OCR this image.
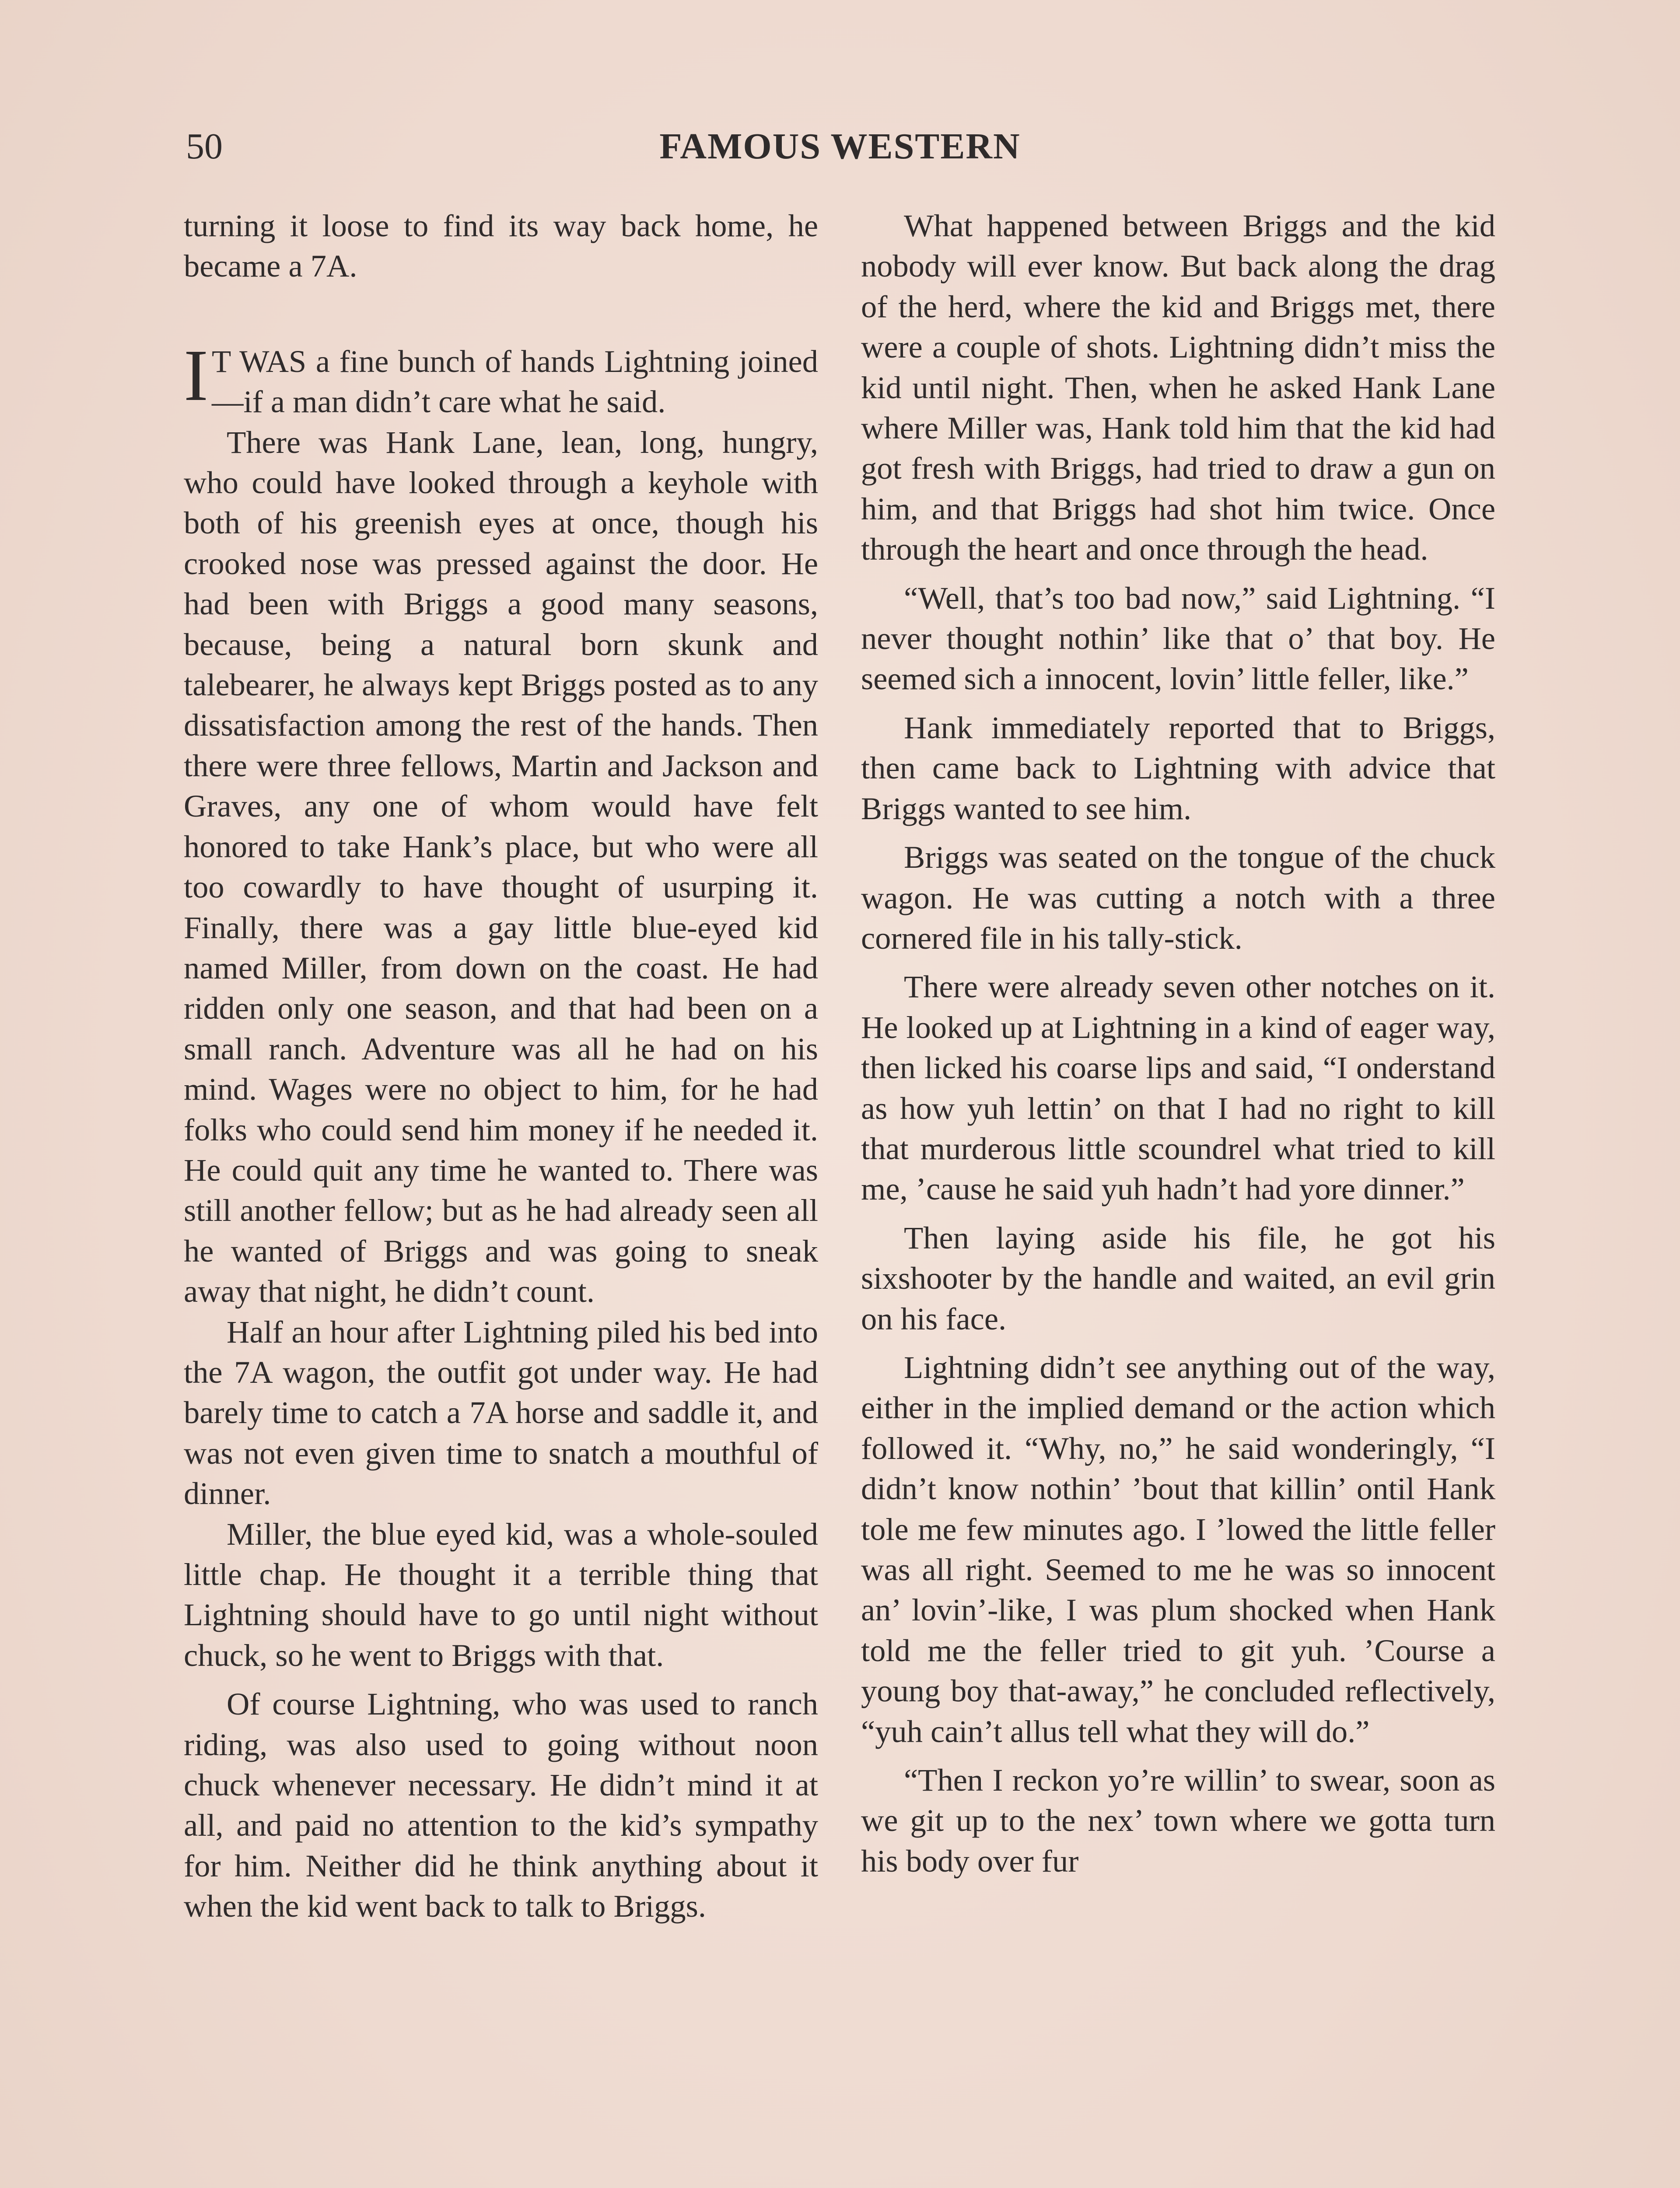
50	FAMOUS WESTERN

turning it loose to find its way back home, he became a 7A.

I T WAS a fine bunch of hands Lightning joined—if a man didn’t care what he said.

There was Hank Lane, lean, long, hungry, who could have looked through a keyhole with both of his greenish eyes at once, though his crooked nose was pressed against the door. He had been with Briggs a good many seasons, because, being a natural born skunk and talebearer, he always kept Briggs posted as to any dissatisfaction among the rest of the hands. Then there were three fellows, Martin and Jackson and Graves, any one of whom would have felt honored to take Hank’s place, but who were all too cowardly to have thought of usurping it. Finally, there was a gay little blue-eyed kid named Miller, from down on the coast. He had ridden only one season, and that had been on a small ranch. Adventure was all he had on his mind. Wages were no object to him, for he had folks who could send him money if he needed it. He could quit any time he wanted to. There was still another fellow; but as he had already seen all he wanted of Briggs and was going to sneak away that night, he didn’t count.

Half an hour after Lightning piled his bed into the 7A wagon, the outfit got under way. He had barely time to catch a 7A horse and saddle it, and was not even given time to snatch a mouthful of dinner.

Miller, the blue eyed kid, was a whole-souled little chap. He thought it a terrible thing that Lightning should have to go until night without chuck, so he went to Briggs with that.

Of course Lightning, who was used to ranch riding, was also used to going without noon chuck whenever necessary. He didn’t mind it at all, and paid no attention to the kid’s sympathy for him. Neither did he think anything about it when the kid went back to talk to Briggs.

What happened between Briggs and the kid nobody will ever know. But back along the drag of the herd, where the kid and Briggs met, there were a couple of shots. Lightning didn’t miss the kid until night. Then, when he asked Hank Lane where Miller was, Hank told him that the kid had got fresh with Briggs, had tried to draw a gun on him, and that Briggs had shot him twice. Once through the heart and once through the head.

“Well, that’s too bad now,” said Lightning. “I never thought nothin’ like that o’ that boy. He seemed sich a innocent, lovin’ little feller, like.”

Hank immediately reported that to Briggs, then came back to Lightning with advice that Briggs wanted to see him.

Briggs was seated on the tongue of the chuck wagon. He was cutting a notch with a three cornered file in his tally-stick.

There were already seven other notches on it. He looked up at Lightning in a kind of eager way, then licked his coarse lips and said, “I onderstand as how yuh lettin’ on that I had no right to kill that murderous little scoundrel what tried to kill me, ’cause he said yuh hadn’t had yore dinner.”

Then laying aside his file, he got his sixshooter by the handle and waited, an evil grin on his face.

Lightning didn’t see anything out of the way, either in the implied demand or the action which followed it. “Why, no,” he said wonderingly, “I didn’t know nothin’ ’bout that killin’ ontil Hank tole me few minutes ago. I ’lowed the little feller was all right. Seemed to me he was so innocent an’ lovin’-like, I was plum shocked when Hank told me the feller tried to git yuh. ’Course a young boy that-away,” he concluded reflectively, “yuh cain’t allus tell what they will do.”

“Then I reckon yo’re willin’ to swear, soon as we git up to the nex’ town where we gotta turn his body over fur
